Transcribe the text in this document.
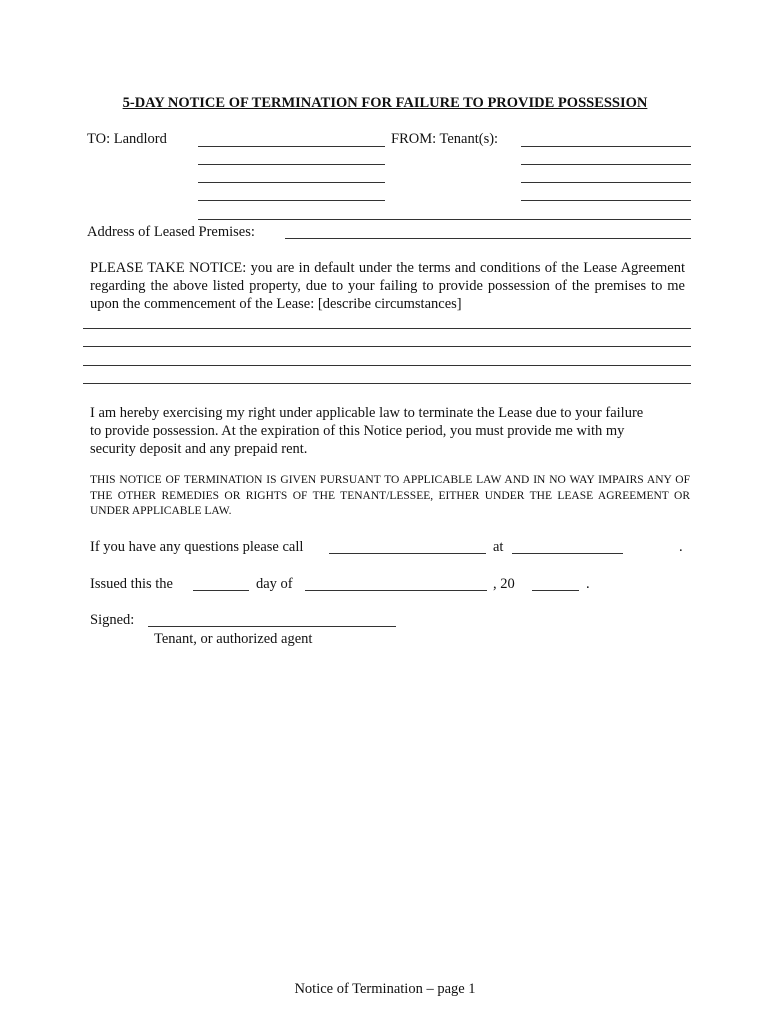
5-DAY NOTICE OF TERMINATION FOR FAILURE TO PROVIDE POSSESSION
TO: Landlord	FROM: Tenant(s):
Address of Leased Premises:
PLEASE TAKE NOTICE: you are in default under the terms and conditions of the Lease Agreement regarding the above listed property, due to your failing to provide possession of the premises to me upon the commencement of the Lease: [describe circumstances]
I am hereby exercising my right under applicable law to terminate the Lease due to your failure to provide possession. At the expiration of this Notice period, you must provide me with my security deposit and any prepaid rent.
THIS NOTICE OF TERMINATION IS GIVEN PURSUANT TO APPLICABLE LAW AND IN NO WAY IMPAIRS ANY OF THE OTHER REMEDIES OR RIGHTS OF THE TENANT/LESSEE, EITHER UNDER THE LEASE AGREEMENT OR UNDER APPLICABLE LAW.
If you have any questions please call	at	.
Issued this the	day of	, 20	.
Signed:
Tenant, or authorized agent
Notice of Termination – page 1
